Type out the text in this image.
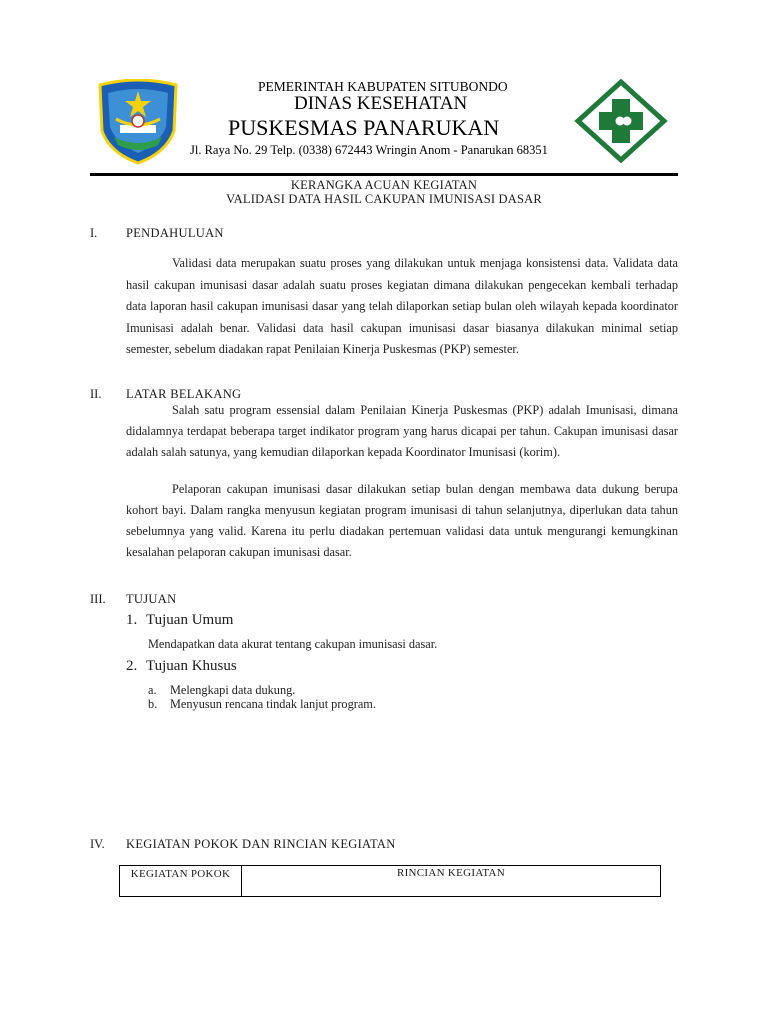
PEMERINTAH KABUPATEN SITUBONDO
DINAS KESEHATAN
PUSKESMAS PANARUKAN
Jl. Raya No. 29 Telp. (0338) 672443 Wringin Anom - Panarukan 68351
KERANGKA ACUAN KEGIATAN
VALIDASI DATA HASIL CAKUPAN IMUNISASI DASAR
I. PENDAHULUAN
Validasi data merupakan suatu proses yang dilakukan untuk menjaga konsistensi data. Validata data hasil cakupan imunisasi dasar adalah suatu proses kegiatan dimana dilakukan pengecekan kembali terhadap data laporan hasil cakupan imunisasi dasar yang telah dilaporkan setiap bulan oleh wilayah kepada koordinator Imunisasi adalah benar. Validasi data hasil cakupan imunisasi dasar biasanya dilakukan minimal setiap semester, sebelum diadakan rapat Penilaian Kinerja Puskesmas (PKP) semester.
II. LATAR BELAKANG
Salah satu program essensial dalam Penilaian Kinerja Puskesmas (PKP) adalah Imunisasi, dimana didalamnya terdapat beberapa target indikator program yang harus dicapai per tahun. Cakupan imunisasi dasar adalah salah satunya, yang kemudian dilaporkan kepada Koordinator Imunisasi (korim).
Pelaporan cakupan imunisasi dasar dilakukan setiap bulan dengan membawa data dukung berupa kohort bayi. Dalam rangka menyusun kegiatan program imunisasi di tahun selanjutnya, diperlukan data tahun sebelumnya yang valid. Karena itu perlu diadakan pertemuan validasi data untuk mengurangi kemungkinan kesalahan pelaporan cakupan imunisasi dasar.
III. TUJUAN
1. Tujuan Umum
Mendapatkan data akurat tentang cakupan imunisasi dasar.
2. Tujuan Khusus
a. Melengkapi data dukung.
b. Menyusun rencana tindak lanjut program.
IV. KEGIATAN POKOK DAN RINCIAN KEGIATAN
KEGIATAN POKOK	RINCIAN KEGIATAN
